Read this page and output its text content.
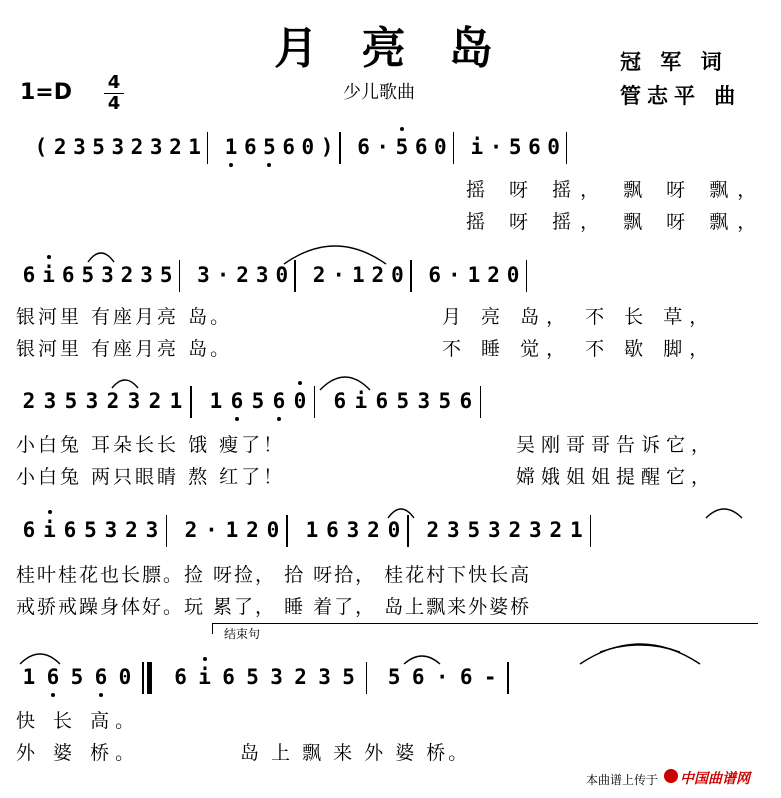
月 亮 岛
1=D 4
4
少儿歌曲
冠 军 词
管志平 曲
( 2 3 5 3 2 3 2 1 1 6 5 6 0 ) 6 · 5 6 0 i · 5 6 0
6 i 6 5 3 2 3 5 3 · 2 3 0 2 · 1 2 0 6 · 1 2 0
2 3 5 3 2 3 2 1 1 6 5 6 0 6 i 6 5 3 5 6
6 i 6 5 3 2 3 2 · 1 2 0 1 6 3 2 0 2 3 5 3 2 3 2 1
1 6 5 6 0 6 i 6 5 3 2 3 5 5 6 · 6 -
摇 呀 摇， 飘 呀 飘，
摇 呀 摇， 飘 呀 飘，
银河里 有座月亮 岛。	月 亮 岛， 不 长 草，
银河里 有座月亮 岛。	不 睡 觉， 不 歇 脚，
小白兔 耳朵长长 饿 瘦了！	吴刚哥哥告诉它，
小白兔 两只眼睛 熬 红了！	嫦娥姐姐提醒它，
桂叶桂花也长膘。捡 呀捡， 拾 呀拾， 桂花村下快长高
戒骄戒躁身体好。玩 累了， 睡 着了， 岛上飘来外婆桥
快 长 高。
外 婆 桥。	岛 上 飘 来 外 婆 桥。
结束句
本曲谱上传于 中国曲谱网
